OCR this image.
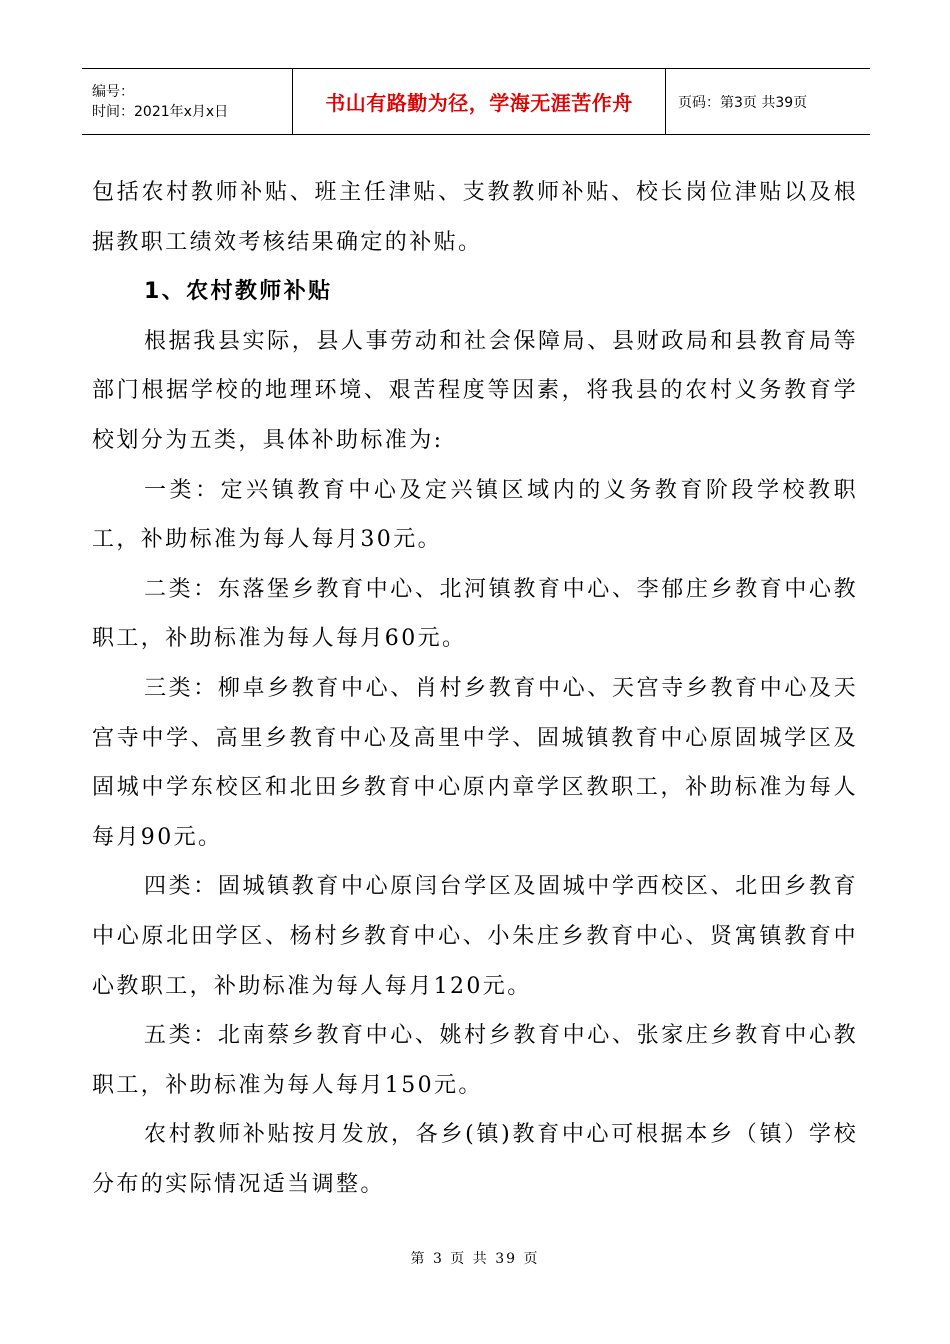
编号：
时间：2021年x月x日	书山有路勤为径，学海无涯苦作舟	页码：第3页 共39页

包括农村教师补贴、班主任津贴、支教教师补贴、校长岗位津贴以及根据教职工绩效考核结果确定的补贴。

1、农村教师补贴

根据我县实际，县人事劳动和社会保障局、县财政局和县教育局等部门根据学校的地理环境、艰苦程度等因素，将我县的农村义务教育学校划分为五类，具体补助标准为:

一类：定兴镇教育中心及定兴镇区域内的义务教育阶段学校教职工，补助标准为每人每月30元。

二类：东落堡乡教育中心、北河镇教育中心、李郁庄乡教育中心教职工，补助标准为每人每月60元。

三类：柳卓乡教育中心、肖村乡教育中心、天宫寺乡教育中心及天宫寺中学、高里乡教育中心及高里中学、固城镇教育中心原固城学区及固城中学东校区和北田乡教育中心原内章学区教职工，补助标准为每人每月90元。

四类：固城镇教育中心原闫台学区及固城中学西校区、北田乡教育中心原北田学区、杨村乡教育中心、小朱庄乡教育中心、贤寓镇教育中心教职工，补助标准为每人每月120元。

五类：北南蔡乡教育中心、姚村乡教育中心、张家庄乡教育中心教职工，补助标准为每人每月150元。

农村教师补贴按月发放，各乡(镇)教育中心可根据本乡（镇）学校分布的实际情况适当调整。

第 3 页 共 39 页
